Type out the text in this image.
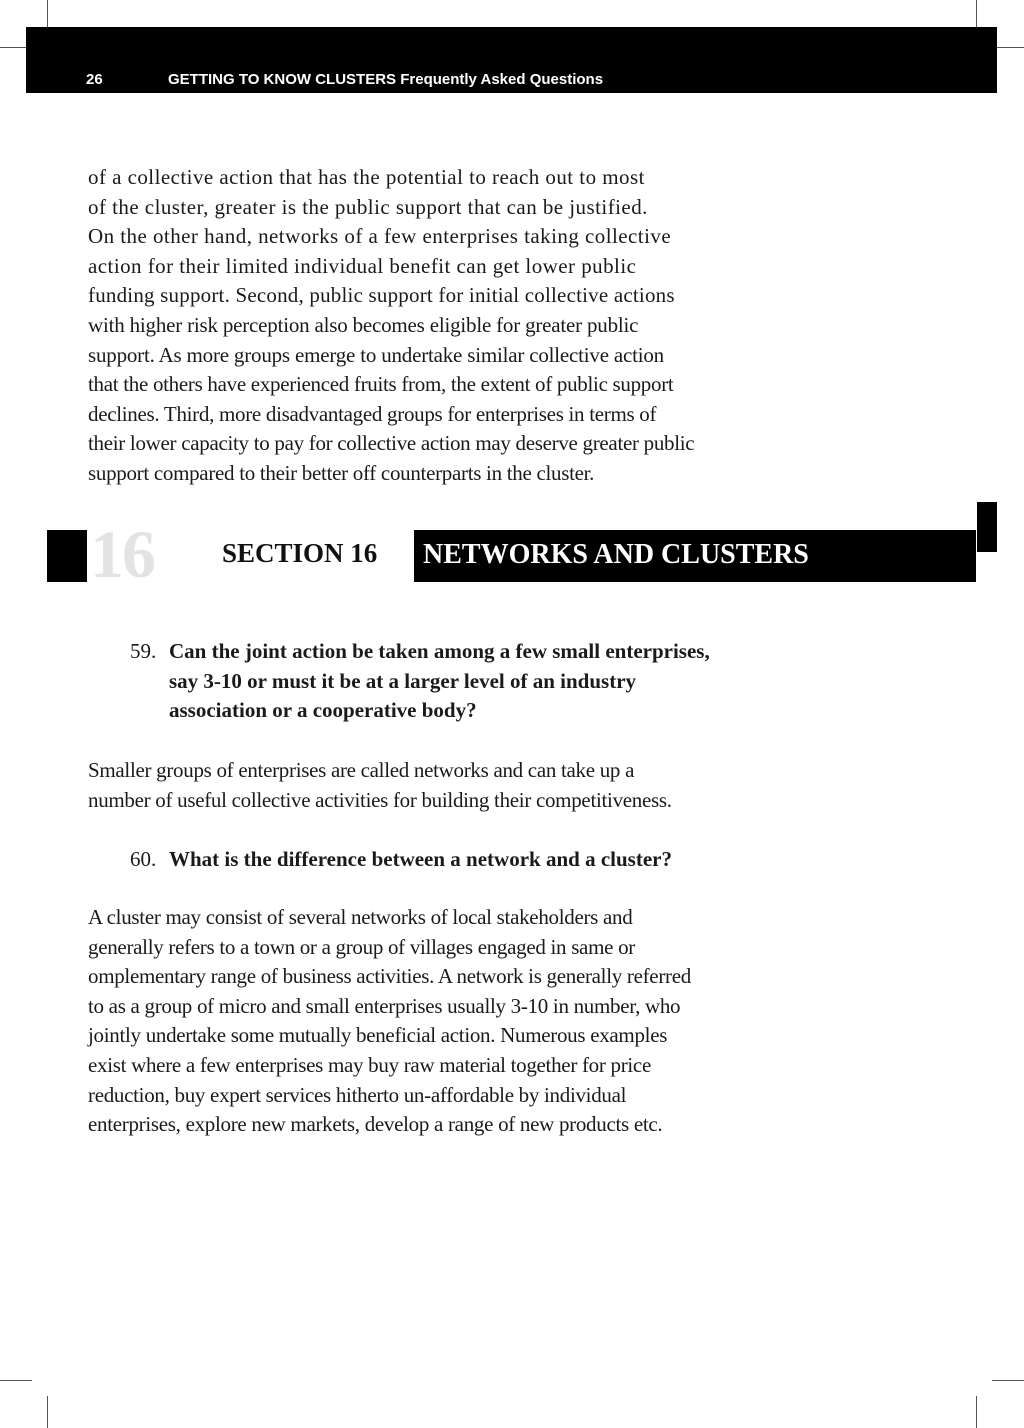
26	GETTING TO KNOW CLUSTERS Frequently Asked Questions

of a collective action that has the potential to reach out to most
of the cluster, greater is the public support that can be justified.
On the other hand, networks of a few enterprises taking collective
action for their limited individual benefit can get lower public
funding support. Second, public support for initial collective actions
with higher risk perception also becomes eligible for greater public
support. As more groups emerge to undertake similar collective action
that the others have experienced fruits from, the extent of public support
declines. Third, more disadvantaged groups for enterprises in terms of
their lower capacity to pay for collective action may deserve greater public
support compared to their better off counterparts in the cluster.

16	SECTION 16 NETWORKS AND CLUSTERS
59. Can the joint action be taken among a few small enterprises,
say 3-10 or must it be at a larger level of an industry
association or a cooperative body?

Smaller groups of enterprises are called networks and can take up a
number of useful collective activities for building their competitiveness.

60. What is the difference between a network and a cluster?

A cluster may consist of several networks of local stakeholders and
generally refers to a town or a group of villages engaged in same or
omplementary range of business activities. A network is generally referred
to as a group of micro and small enterprises usually 3-10 in number, who
jointly undertake some mutually beneficial action. Numerous examples
exist where a few enterprises may buy raw material together for price
reduction, buy expert services hitherto un-affordable by individual
enterprises, explore new markets, develop a range of new products etc.
